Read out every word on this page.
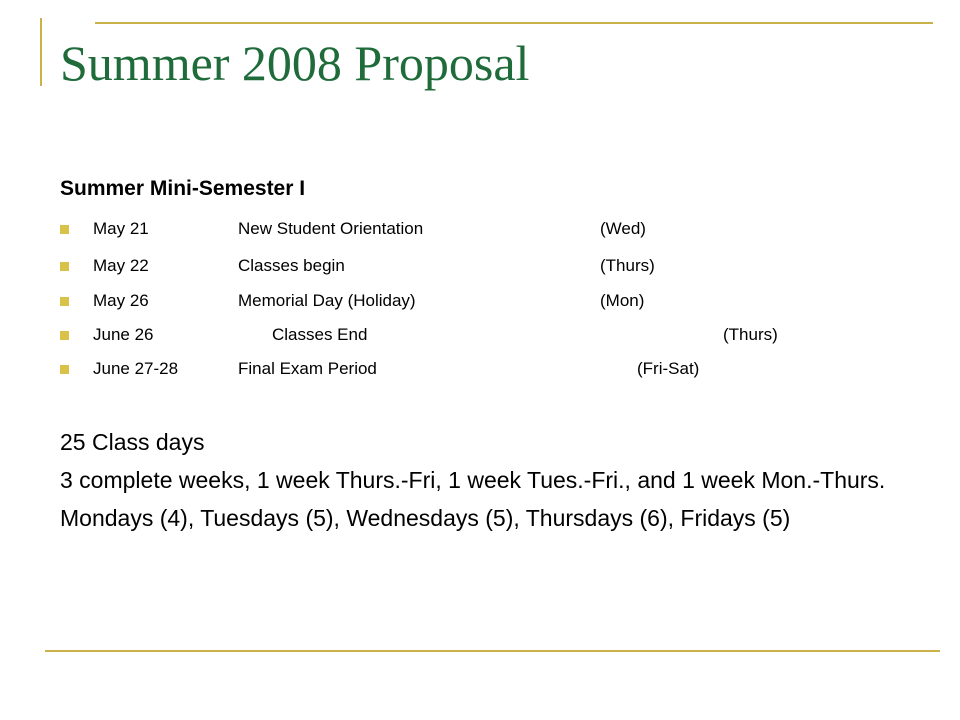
Summer 2008 Proposal
Summer Mini-Semester I
May 21	New Student Orientation	(Wed)
May 22	Classes begin	(Thurs)
May 26	Memorial Day (Holiday)	(Mon)
June 26	Classes End	(Thurs)
June 27-28	Final Exam Period	(Fri-Sat)
25 Class days
3 complete weeks, 1 week Thurs.-Fri, 1 week Tues.-Fri., and 1 week Mon.-Thurs.
Mondays (4), Tuesdays (5), Wednesdays (5), Thursdays (6), Fridays (5)
